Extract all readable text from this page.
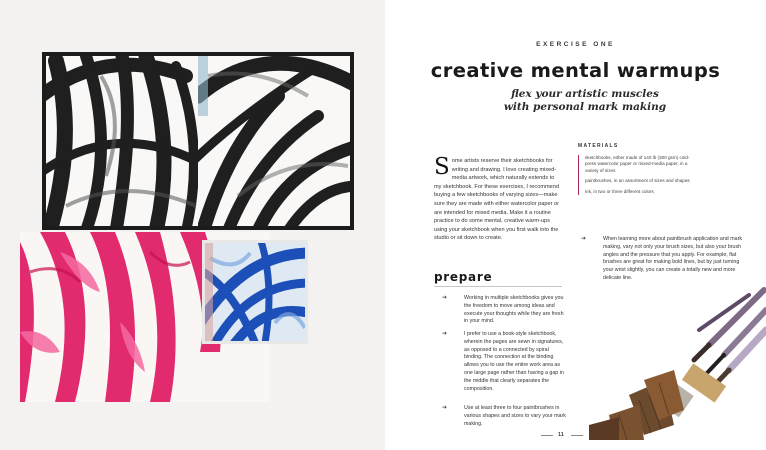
EXERCISE ONE
creative mental warmups
flex your artistic muscles
with personal mark making
Some artists reserve their sketchbooks for writing and drawing. I love creating mixed-media artwork, which naturally extends to my sketchbook. For these exercises, I recommend buying a few sketchbooks of varying sizes—make sure they are made with either watercolor paper or are intended for mixed media. Make it a routine practice to do some mental, creative warm-ups using your sketchbook when you first walk into the studio or sit down to create.
MATERIALS
sketchbooks, either made of 140 lb (300 gsm) cold-press watercolor paper or mixed-media paper, in a variety of sizes
paintbrushes, in an assortment of sizes and shapes
ink, in two or three different colors
prepare
➔	Working in multiple sketchbooks gives you the freedom to move among ideas and execute your thoughts while they are fresh in your mind.
➔	I prefer to use a book-style sketchbook, wherein the pages are sewn in signatures, as opposed to a connected by spiral binding. The connection at the binding allows you to use the entire work area as one large page rather than having a gap in the middle that clearly separates the composition.
➔	Use at least three to four paintbrushes in various shapes and sizes to vary your mark making.
➔	When learning more about paintbrush application and mark making, vary not only your brush sizes, but also your brush angles and the pressure that you apply. For example, flat brushes are great for making bold lines, but by just turning your wrist slightly, you can create a totally new and more delicate line.
11
